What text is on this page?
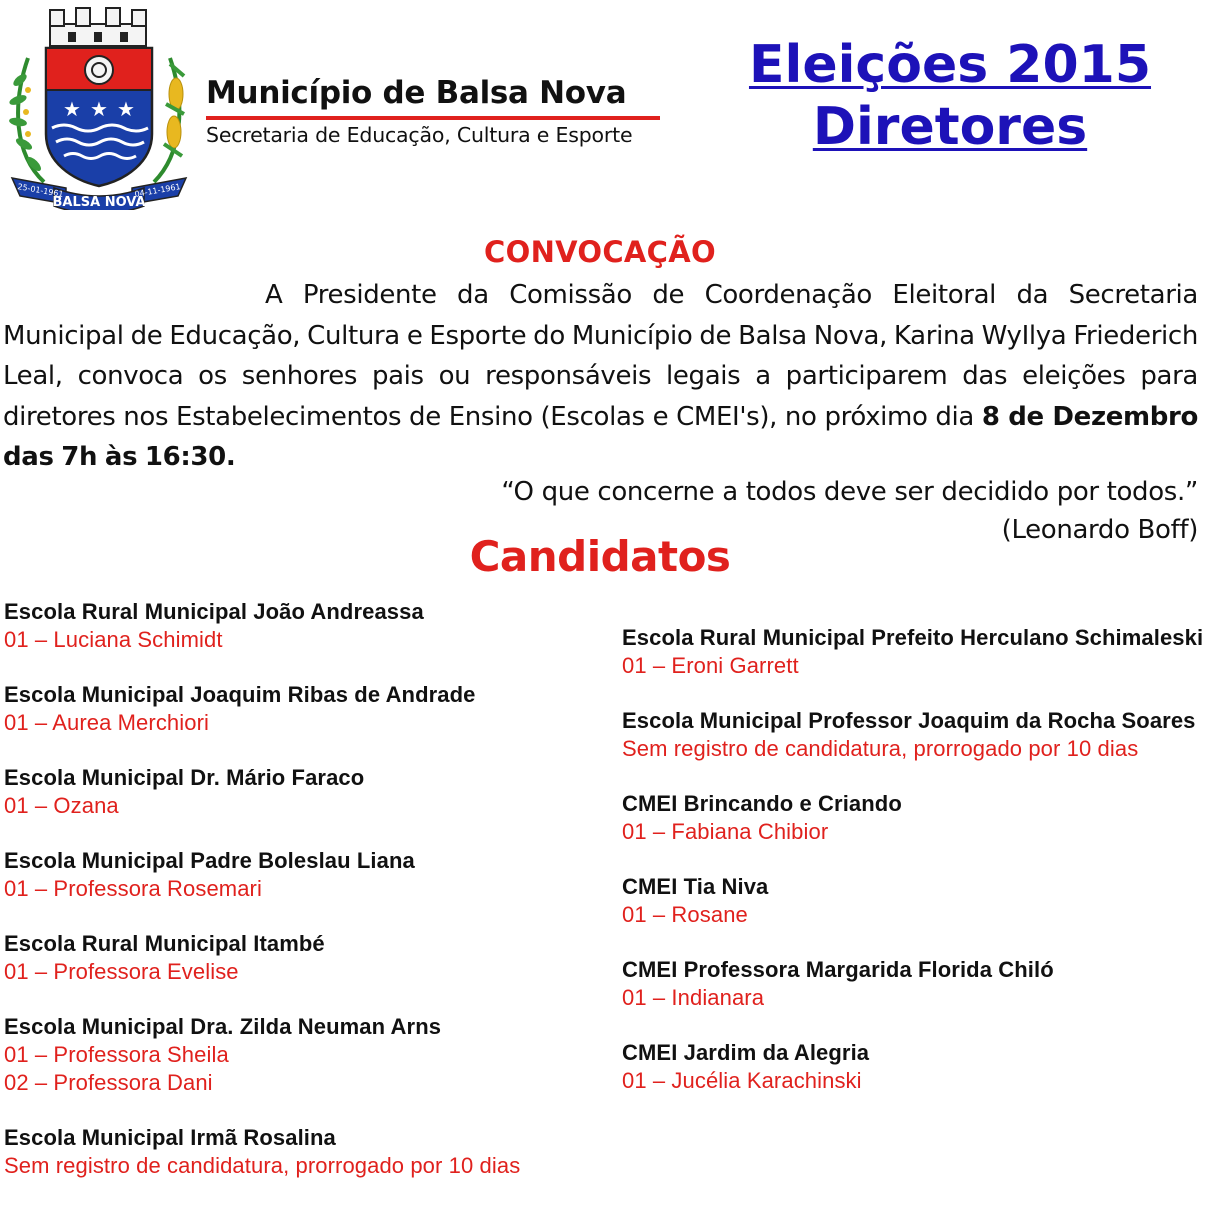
★ ★ ★
25-01-1961	04-11-1961
BALSA NOVA
Município de Balsa Nova
Secretaria de Educação, Cultura e Esporte
Eleições 2015
Diretores
CONVOCAÇÃO
A Presidente da Comissão de Coordenação Eleitoral da Secretaria Municipal de Educação, Cultura e Esporte do Município de Balsa Nova, Karina WyIlya Friederich Leal, convoca os senhores pais ou responsáveis legais a participarem das eleições para diretores nos Estabelecimentos de Ensino (Escolas e CMEI's), no próximo dia 8 de Dezembro das 7h às 16:30.
“O que concerne a todos deve ser decidido por todos.”
(Leonardo Boff)
Candidatos
Escola Rural Municipal João Andreassa
01 – Luciana Schimidt
Escola Municipal Joaquim Ribas de Andrade
01 – Aurea Merchiori
Escola Municipal Dr. Mário Faraco
01 – Ozana
Escola Municipal Padre Boleslau Liana
01 – Professora Rosemari
Escola Rural Municipal Itambé
01 – Professora Evelise
Escola Municipal Dra. Zilda Neuman Arns
01 – Professora Sheila
02 – Professora Dani
Escola Municipal Irmã Rosalina
Sem registro de candidatura, prorrogado por 10 dias
Escola Rural Municipal Prefeito Herculano Schimaleski
01 – Eroni Garrett
Escola Municipal Professor Joaquim da Rocha Soares
Sem registro de candidatura, prorrogado por 10 dias
CMEI Brincando e Criando
01 – Fabiana Chibior
CMEI Tia Niva
01 – Rosane
CMEI Professora Margarida Florida Chiló
01 – Indianara
CMEI Jardim da Alegria
01 – Jucélia Karachinski
